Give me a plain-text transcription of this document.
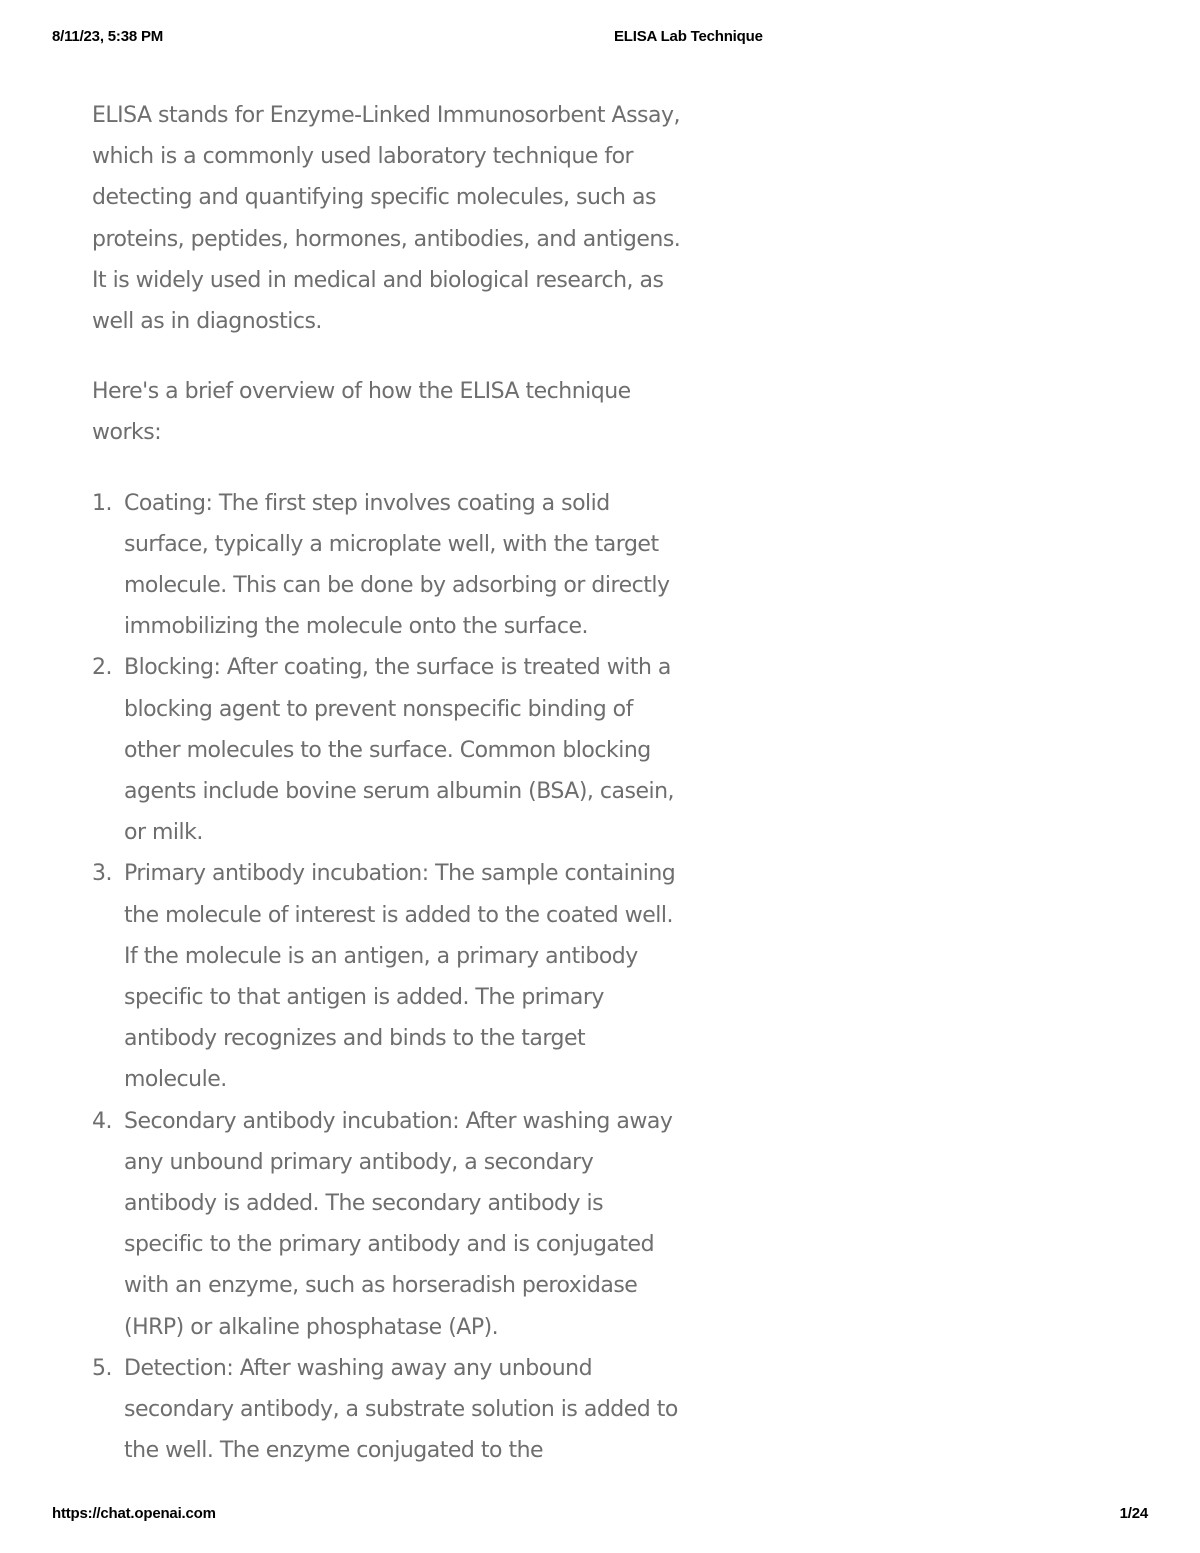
8/11/23, 5:38 PM	ELISA Lab Technique

ELISA stands for Enzyme-Linked Immunosorbent Assay, which is a commonly used laboratory technique for detecting and quantifying specific molecules, such as proteins, peptides, hormones, antibodies, and antigens. It is widely used in medical and biological research, as well as in diagnostics.

Here's a brief overview of how the ELISA technique works:

1. Coating: The first step involves coating a solid surface, typically a microplate well, with the target molecule. This can be done by adsorbing or directly immobilizing the molecule onto the surface.
2. Blocking: After coating, the surface is treated with a blocking agent to prevent nonspecific binding of other molecules to the surface. Common blocking agents include bovine serum albumin (BSA), casein, or milk.
3. Primary antibody incubation: The sample containing the molecule of interest is added to the coated well. If the molecule is an antigen, a primary antibody specific to that antigen is added. The primary antibody recognizes and binds to the target molecule.
4. Secondary antibody incubation: After washing away any unbound primary antibody, a secondary antibody is added. The secondary antibody is specific to the primary antibody and is conjugated with an enzyme, such as horseradish peroxidase (HRP) or alkaline phosphatase (AP).
5. Detection: After washing away any unbound secondary antibody, a substrate solution is added to the well. The enzyme conjugated to the
https://chat.openai.com	1/24
